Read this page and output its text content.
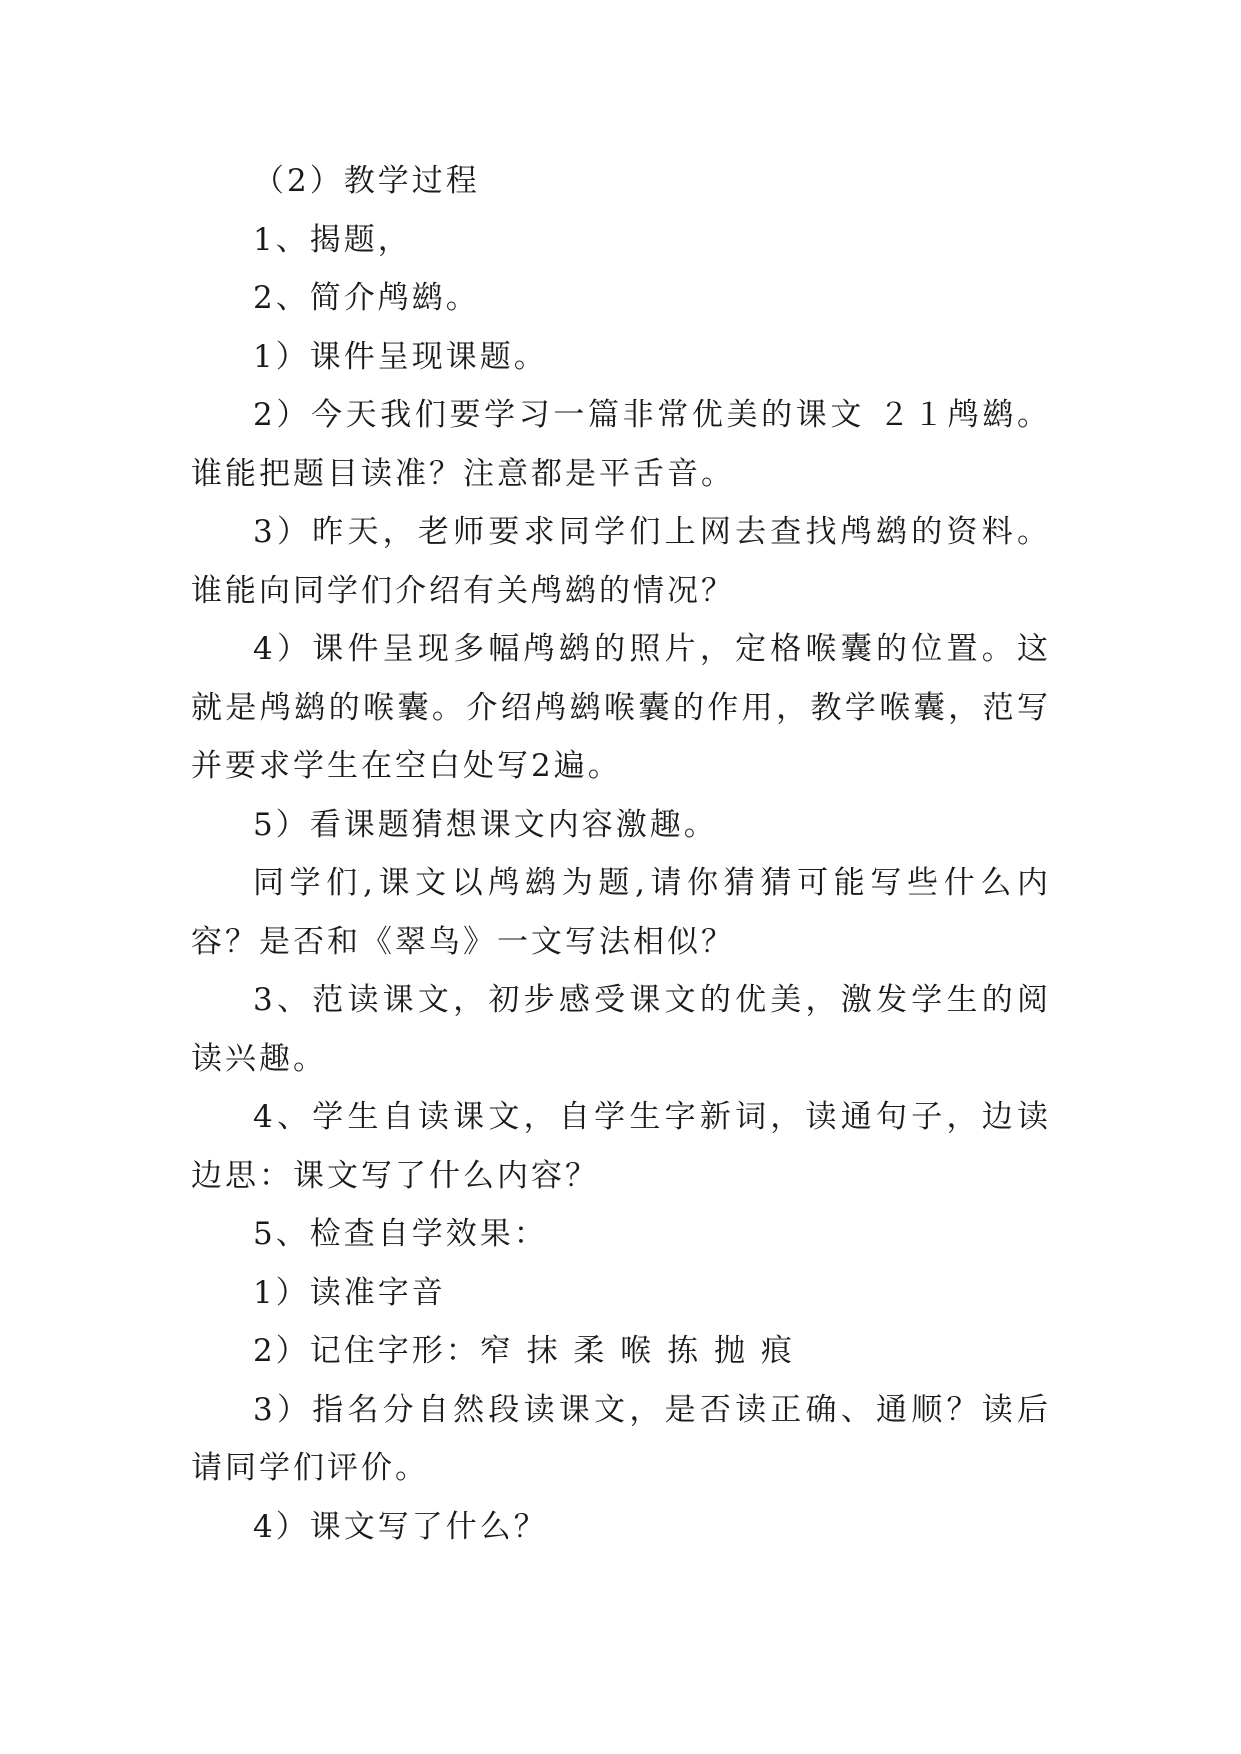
（2）教学过程

1、揭题，

2、简介鸬鹚。

1）课件呈现课题。

2）今天我们要学习一篇非常优美的课文 ２１鸬鹚。谁能把题目读准？注意都是平舌音。

3）昨天，老师要求同学们上网去查找鸬鹚的资料。谁能向同学们介绍有关鸬鹚的情况？

4）课件呈现多幅鸬鹚的照片，定格喉囊的位置。这就是鸬鹚的喉囊。介绍鸬鹚喉囊的作用，教学喉囊，范写并要求学生在空白处写2遍。

5）看课题猜想课文内容激趣。

同学们,课文以鸬鹚为题,请你猜猜可能写些什么内容？是否和《翠鸟》一文写法相似？

3、范读课文，初步感受课文的优美，激发学生的阅读兴趣。

4、学生自读课文，自学生字新词，读通句子，边读边思：课文写了什么内容？

5、检查自学效果：

1）读准字音

2）记住字形：窄 抹 柔 喉 拣 抛 痕

3）指名分自然段读课文，是否读正确、通顺？读后请同学们评价。

4）课文写了什么？
